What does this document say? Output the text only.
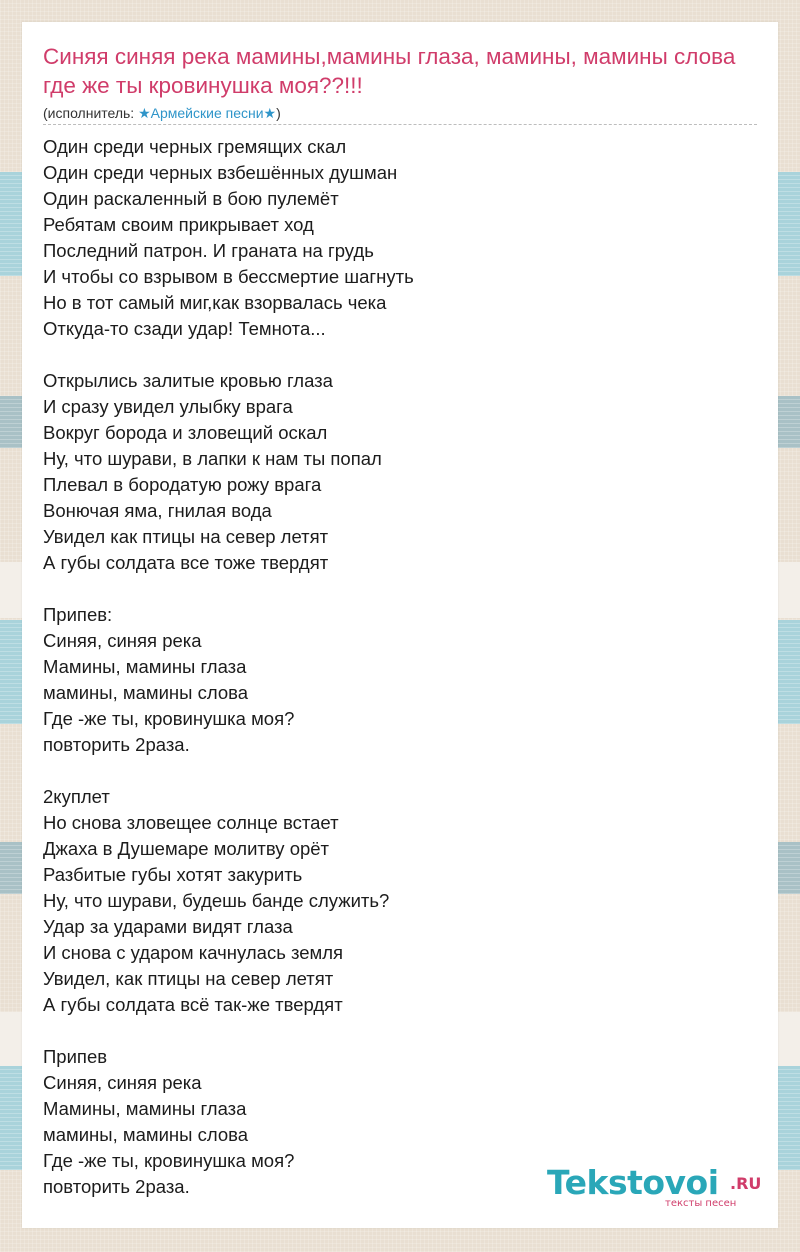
Синяя синяя река мамины,мамины глаза, мамины, мамины слова где же ты кровинушка моя??!!!
(исполнитель: ★Армейские песни★)
Один среди черных гремящих скал
Один среди черных взбешённых душман
Один раскаленный в бою пулемёт
Ребятам своим прикрывает ход
Последний патрон. И граната на грудь
И чтобы со взрывом в бессмертие шагнуть
Но в тот самый миг,как взорвалась чека
Откуда-то сзади удар! Темнота...
Открылись залитые кровью глаза
И сразу увидел улыбку врага
Вокруг борода и зловещий оскал
Ну, что шурави, в лапки к нам ты попал
Плевал в бородатую рожу врага
Вонючая яма, гнилая вода
Увидел как птицы на север летят
А губы солдата все тоже твердят
Припев:
Синяя, синяя река
Мамины, мамины глаза
мамины, мамины слова
Где -же ты, кровинушка моя?
повторить 2раза.
2куплет
Но снова зловещее солнце встает
Джаха в Душемаре молитву орёт
Разбитые губы хотят закурить
Ну, что шурави, будешь банде служить?
Удар за ударами видят глаза
И снова с ударом качнулась земля
Увидел, как птицы на север летят
А губы солдата всё так-же твердят
Припев
Синяя, синяя река
Мамины, мамины глаза
мамины, мамины слова
Где -же ты, кровинушка моя?
повторить 2раза.	Tekstovoi .RU
тексты песен
